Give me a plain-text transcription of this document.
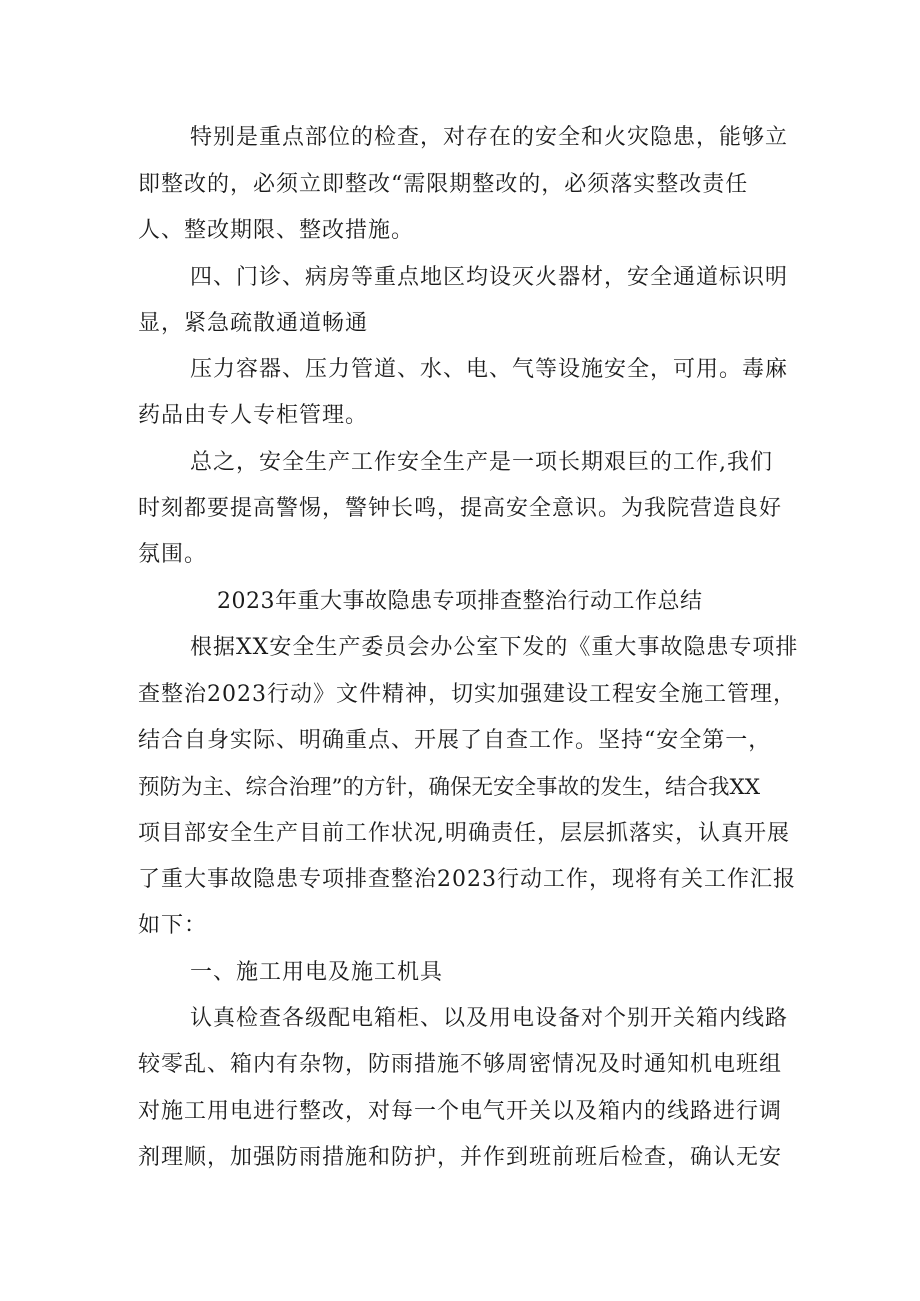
特别是重点部位的检查，对存在的安全和火灾隐患，能够立
即整改的，必须立即整改“需限期整改的，必须落实整改责任
人、整改期限、整改措施。
四、门诊、病房等重点地区均设灭火器材，安全通道标识明
显，紧急疏散通道畅通
压力容器、压力管道、水、电、气等设施安全，可用。毒麻
药品由专人专柜管理。
总之，安全生产工作安全生产是一项长期艰巨的工作,我们
时刻都要提高警惕，警钟长鸣，提高安全意识。为我院营造良好
氛围。
2023年重大事故隐患专项排查整治行动工作总结
根据XX安全生产委员会办公室下发的《重大事故隐患专项排
查整治2023行动》文件精神，切实加强建设工程安全施工管理，
结合自身实际、明确重点、开展了自查工作。坚持“安全第一，
预防为主、综合治理”的方针，确保无安全事故的发生，结合我XX
项目部安全生产目前工作状况,明确责任，层层抓落实，认真开展
了重大事故隐患专项排查整治2023行动工作，现将有关工作汇报
如下：
一、施工用电及施工机具
认真检查各级配电箱柜、以及用电设备对个别开关箱内线路
较零乱、箱内有杂物，防雨措施不够周密情况及时通知机电班组
对施工用电进行整改，对每一个电气开关以及箱内的线路进行调
剂理顺，加强防雨措施和防护，并作到班前班后检查，确认无安
